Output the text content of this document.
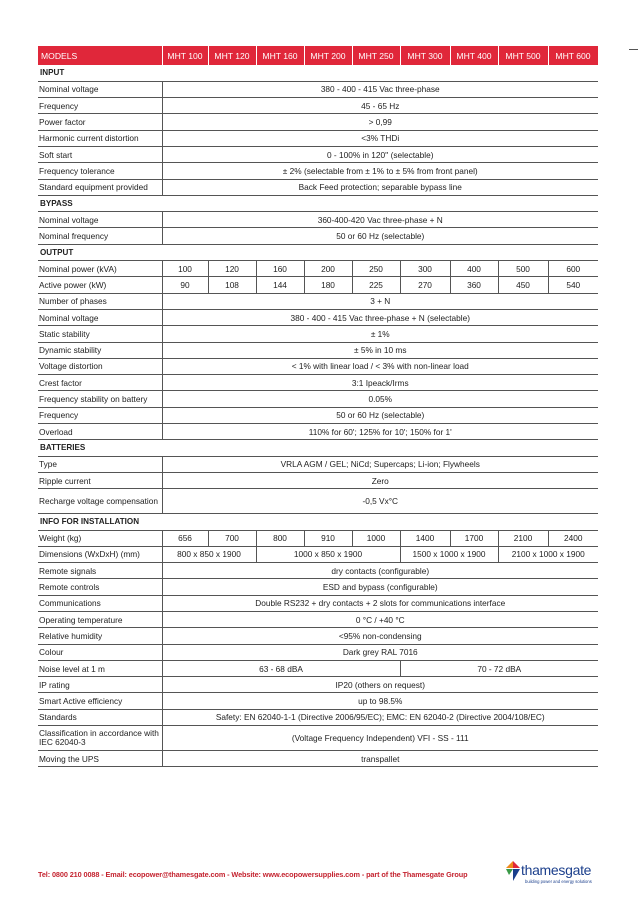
MODELS	MHT 100	MHT 120	MHT 160	MHT 200	MHT 250	MHT 300	MHT 400	MHT 500	MHT 600
INPUT									
Nominal voltage	380 - 400 - 415 Vac three-phase								
Frequency	45 - 65 Hz								
Power factor	> 0,99								
Harmonic current distortion	<3% THDi								
Soft start	0 - 100% in 120'' (selectable)								
Frequency tolerance	± 2% (selectable from ± 1% to ± 5% from front panel)								
Standard equipment provided	Back Feed protection; separable bypass line								
BYPASS									
Nominal voltage	360-400-420 Vac three-phase + N								
Nominal frequency	50 or 60 Hz (selectable)								
OUTPUT									
Nominal power (kVA)	100	120	160	200	250	300	400	500	600
Active power (kW)	90	108	144	180	225	270	360	450	540
Number of phases	3 + N								
Nominal voltage	380 - 400 - 415 Vac three-phase + N (selectable)								
Static stability	± 1%								
Dynamic stability	± 5% in 10 ms								
Voltage distortion	< 1% with linear load / < 3% with non-linear load								
Crest factor	3:1 Ipeack/Irms								
Frequency stability on battery	0.05%								
Frequency	50 or 60 Hz (selectable)								
Overload	110% for 60'; 125% for 10'; 150% for 1'								
BATTERIES									
Type	VRLA AGM / GEL; NiCd; Supercaps; Li-ion; Flywheels								
Ripple current	Zero								
Recharge voltage compensation	-0,5 Vx°C								
INFO FOR INSTALLATION									
Weight (kg)	656	700	800	910	1000	1400	1700	2100	2400
Dimensions (WxDxH) (mm)	800 x 850 x 1900		1000 x 850 x 1900			1500 x 1000 x 1900		2100 x 1000 x 1900	
Remote signals	dry contacts (configurable)								
Remote controls	ESD and bypass (configurable)								
Communications	Double RS232 + dry contacts + 2 slots for communications interface								
Operating temperature	0 °C / +40 °C								
Relative humidity	<95% non-condensing								
Colour	Dark grey RAL 7016								
Noise level at 1 m	63 - 68 dBA					70 - 72 dBA			
IP rating	IP20 (others on request)								
Smart Active efficiency	up to 98.5%								
Standards	Safety: EN 62040-1-1 (Directive 2006/95/EC); EMC: EN 62040-2 (Directive 2004/108/EC)								
Classification in accordance with IEC 62040-3	(Voltage Frequency Independent) VFI - SS - 111								
Moving the UPS	transpallet								
Tel: 0800 210 0088 - Email: ecopower@thamesgate.com - Website: www.ecopowersupplies.com - part of the Thamesgate Group	thamesgate
building power and energy solutions
